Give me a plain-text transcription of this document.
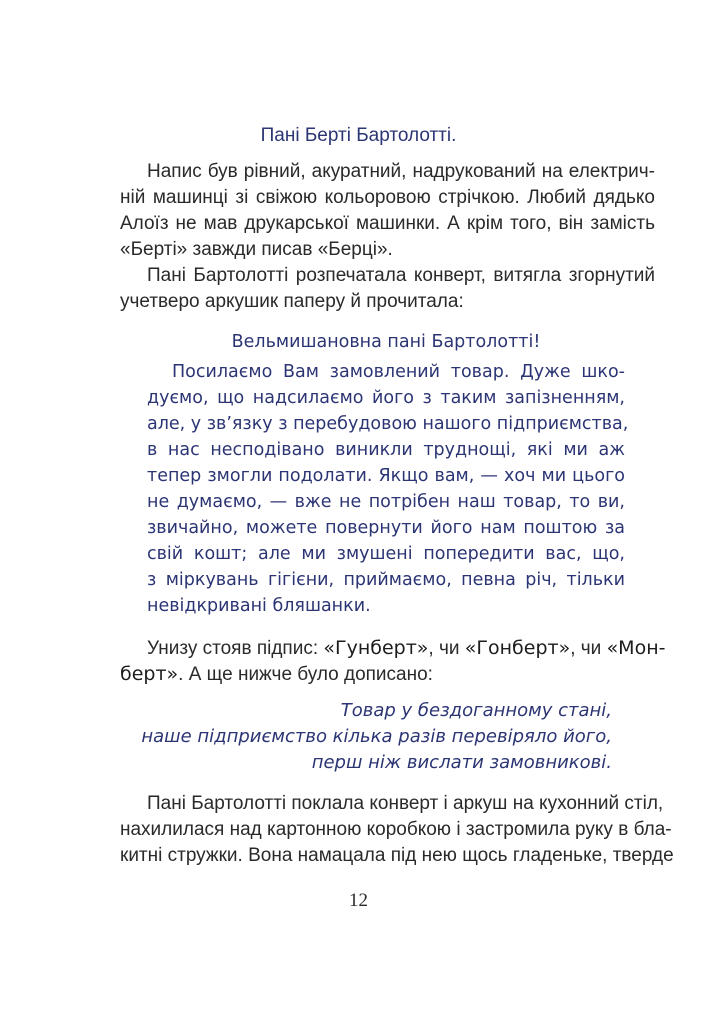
Пані Берті Бартолотті.
Напис був рівний, акуратний, надрукований на електрич-
ній машинці зі свіжою кольоровою стрічкою. Любий дядько
Алоїз не мав друкарської машинки. А крім того, він замість
«Берті» завжди писав «Берці».
Пані Бартолотті розпечатала конверт, витягла згорнутий
учетверо аркушик паперу й прочитала:
Вельмишановна пані Бартолотті!
Посилаємо Вам замовлений товар. Дуже шко-
дуємо, що надсилаємо його з таким запізненням,
але, у зв’язку з перебудовою нашого підприємства,
в нас несподівано виникли труднощі, які ми аж
тепер змогли подолати. Якщо вам, — хоч ми цього
не думаємо, — вже не потрібен наш товар, то ви,
звичайно, можете повернути його нам поштою за
свій кошт; але ми змушені попередити вас, що,
з міркувань гігієни, приймаємо, певна річ, тільки
невідкривані бляшанки.
Унизу стояв підпис: «Гунберт», чи «Гонберт», чи «Мон-
берт». А ще нижче було дописано:
Товар у бездоганному стані,
наше підприємство кілька разів перевіряло його,
перш ніж вислати замовникові.
Пані Бартолотті поклала конверт і аркуш на кухонний стіл,
нахилилася над картонною коробкою і застромила руку в бла-
китні стружки. Вона намацала під нею щось гладеньке, тверде
12
